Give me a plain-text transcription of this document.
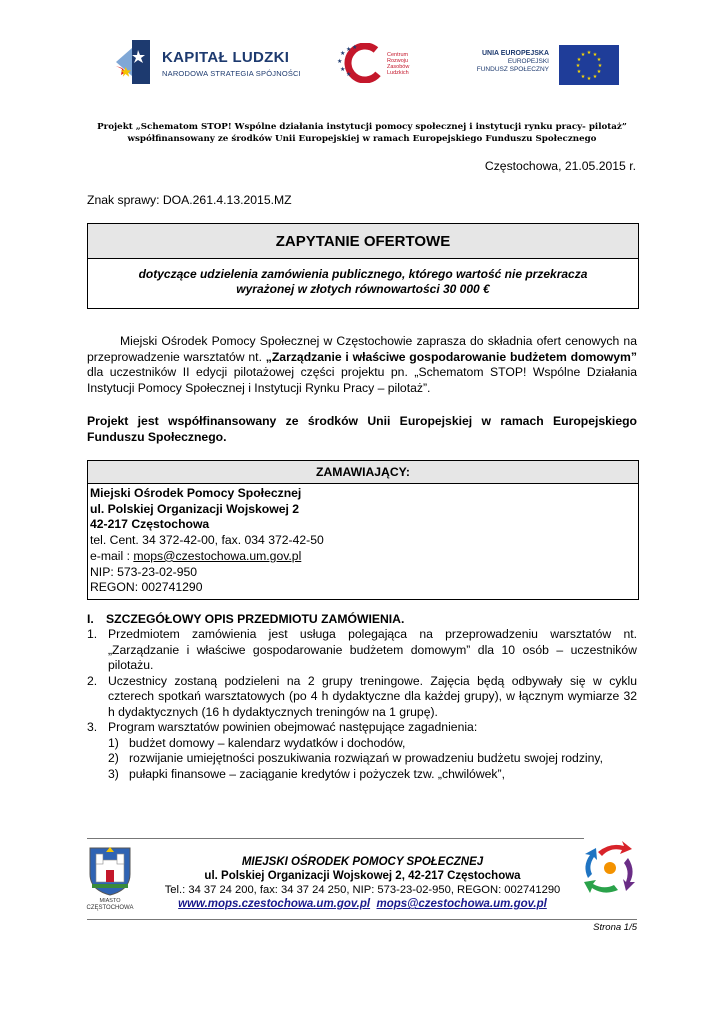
KAPITAŁ LUDZKI
NARODOWA STRATEGIA SPÓJNOŚCI
★
★
★
★
★
★
Centrum
Rozwoju
Zasobów
Ludzkich
UNIA EUROPEJSKA
EUROPEJSKI
FUNDUSZ SPOŁECZNY
★ ★
★
★
★
★
★
★
★
★
★
★
Projekt „Schematom STOP! Wspólne działania instytucji pomocy społecznej i instytucji rynku pracy- pilotaż”
współfinansowany ze środków Unii Europejskiej w ramach Europejskiego Funduszu Społecznego
Częstochowa, 21.05.2015 r.
Znak sprawy: DOA.261.4.13.2015.MZ
ZAPYTANIE OFERTOWE
dotyczące udzielenia zamówienia publicznego, którego wartość nie przekracza
wyrażonej w złotych równowartości 30 000 €
Miejski Ośrodek Pomocy Społecznej w Częstochowie zaprasza do składnia ofert cenowych na przeprowadzenie warsztatów nt. „Zarządzanie i właściwe gospodarowanie budżetem domowym” dla uczestników II edycji pilotażowej części projektu pn. „Schematom STOP! Wspólne Działania Instytucji Pomocy Społecznej i Instytucji Rynku Pracy – pilotaż”.
Projekt jest współfinansowany ze środków Unii Europejskiej w ramach Europejskiego Funduszu Społecznego.
ZAMAWIAJĄCY:
Miejski Ośrodek Pomocy Społecznej
ul. Polskiej Organizacji Wojskowej 2
42-217 Częstochowa
tel. Cent. 34 372-42-00, fax. 034 372-42-50
e-mail : mops@czestochowa.um.gov.pl
NIP: 573-23-02-950
REGON: 002741290
I. SZCZEGÓŁOWY OPIS PRZEDMIOTU ZAMÓWIENIA.
1. Przedmiotem zamówienia jest usługa polegająca na przeprowadzeniu warsztatów nt. „Zarządzanie i właściwe gospodarowanie budżetem domowym” dla 10 osób – uczestników pilotażu.
2. Uczestnicy zostaną podzieleni na 2 grupy treningowe. Zajęcia będą odbywały się w cyklu czterech spotkań warsztatowych (po 4 h dydaktyczne dla każdej grupy), w łącznym wymiarze 32 h dydaktycznych (16 h dydaktycznych treningów na 1 grupę).
3. Program warsztatów powinien obejmować następujące zagadnienia:
1) budżet domowy – kalendarz wydatków i dochodów,
2) rozwijanie umiejętności poszukiwania rozwiązań w prowadzeniu budżetu swojej rodziny,
3) pułapki finansowe – zaciąganie kredytów i pożyczek tzw. „chwilówek”,
MIASTO
CZĘSTOCHOWA
MIEJSKI OŚRODEK POMOCY SPOŁECZNEJ
ul. Polskiej Organizacji Wojskowej 2, 42-217 Częstochowa
Tel.: 34 37 24 200, fax: 34 37 24 250, NIP: 573-23-02-950, REGON: 002741290
www.mops.czestochowa.um.gov.pl mops@czestochowa.um.gov.pl
Strona 1/5
